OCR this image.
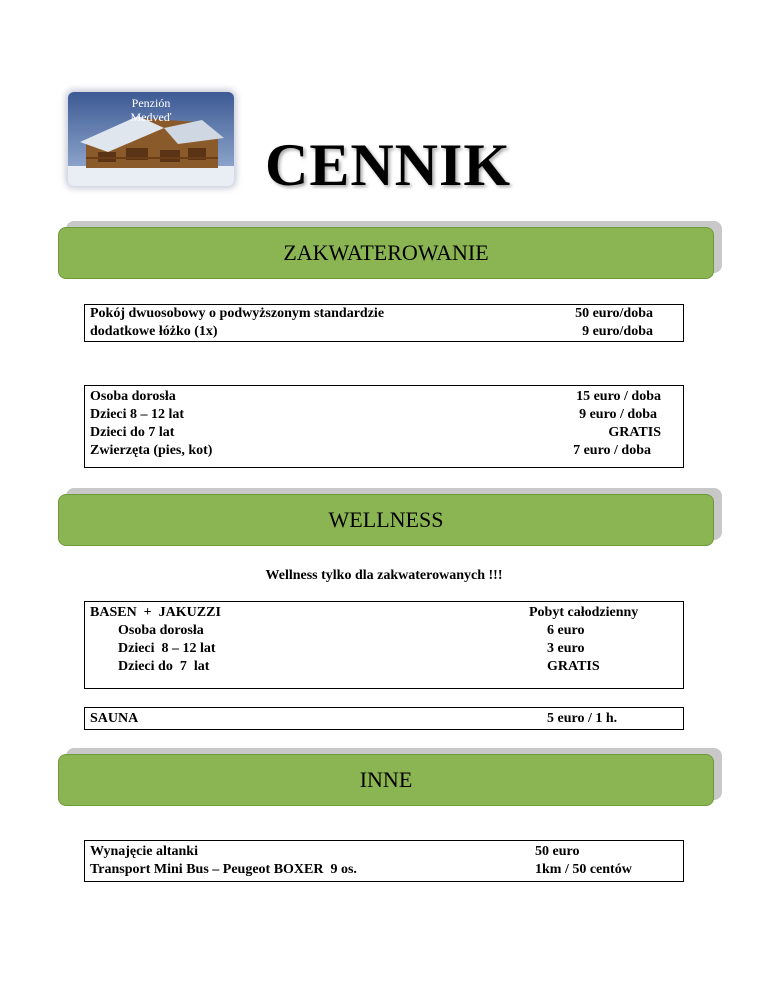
Penzión
Medveď
CENNIK
ZAKWATEROWANIE
Pokój dwuosobowy o podwyższonym standardzie	50 euro/doba
dodatkowe łóżko (1x)	9 euro/doba
Osoba dorosła	15 euro / doba
Dzieci 8 – 12 lat	9 euro / doba
Dzieci do 7 lat	GRATIS
Zwierzęta (pies, kot)	7 euro / doba
WELLNESS
Wellness tylko dla zakwaterowanych !!!
BASEN  +  JAKUZZI	Pobyt całodzienny
Osoba dorosła	6 euro
Dzieci  8 – 12 lat	3 euro
Dzieci do  7  lat	GRATIS
SAUNA	5 euro / 1 h.
INNE
Wynajęcie altanki	50 euro
Transport Mini Bus – Peugeot BOXER  9 os.	1km / 50 centów
